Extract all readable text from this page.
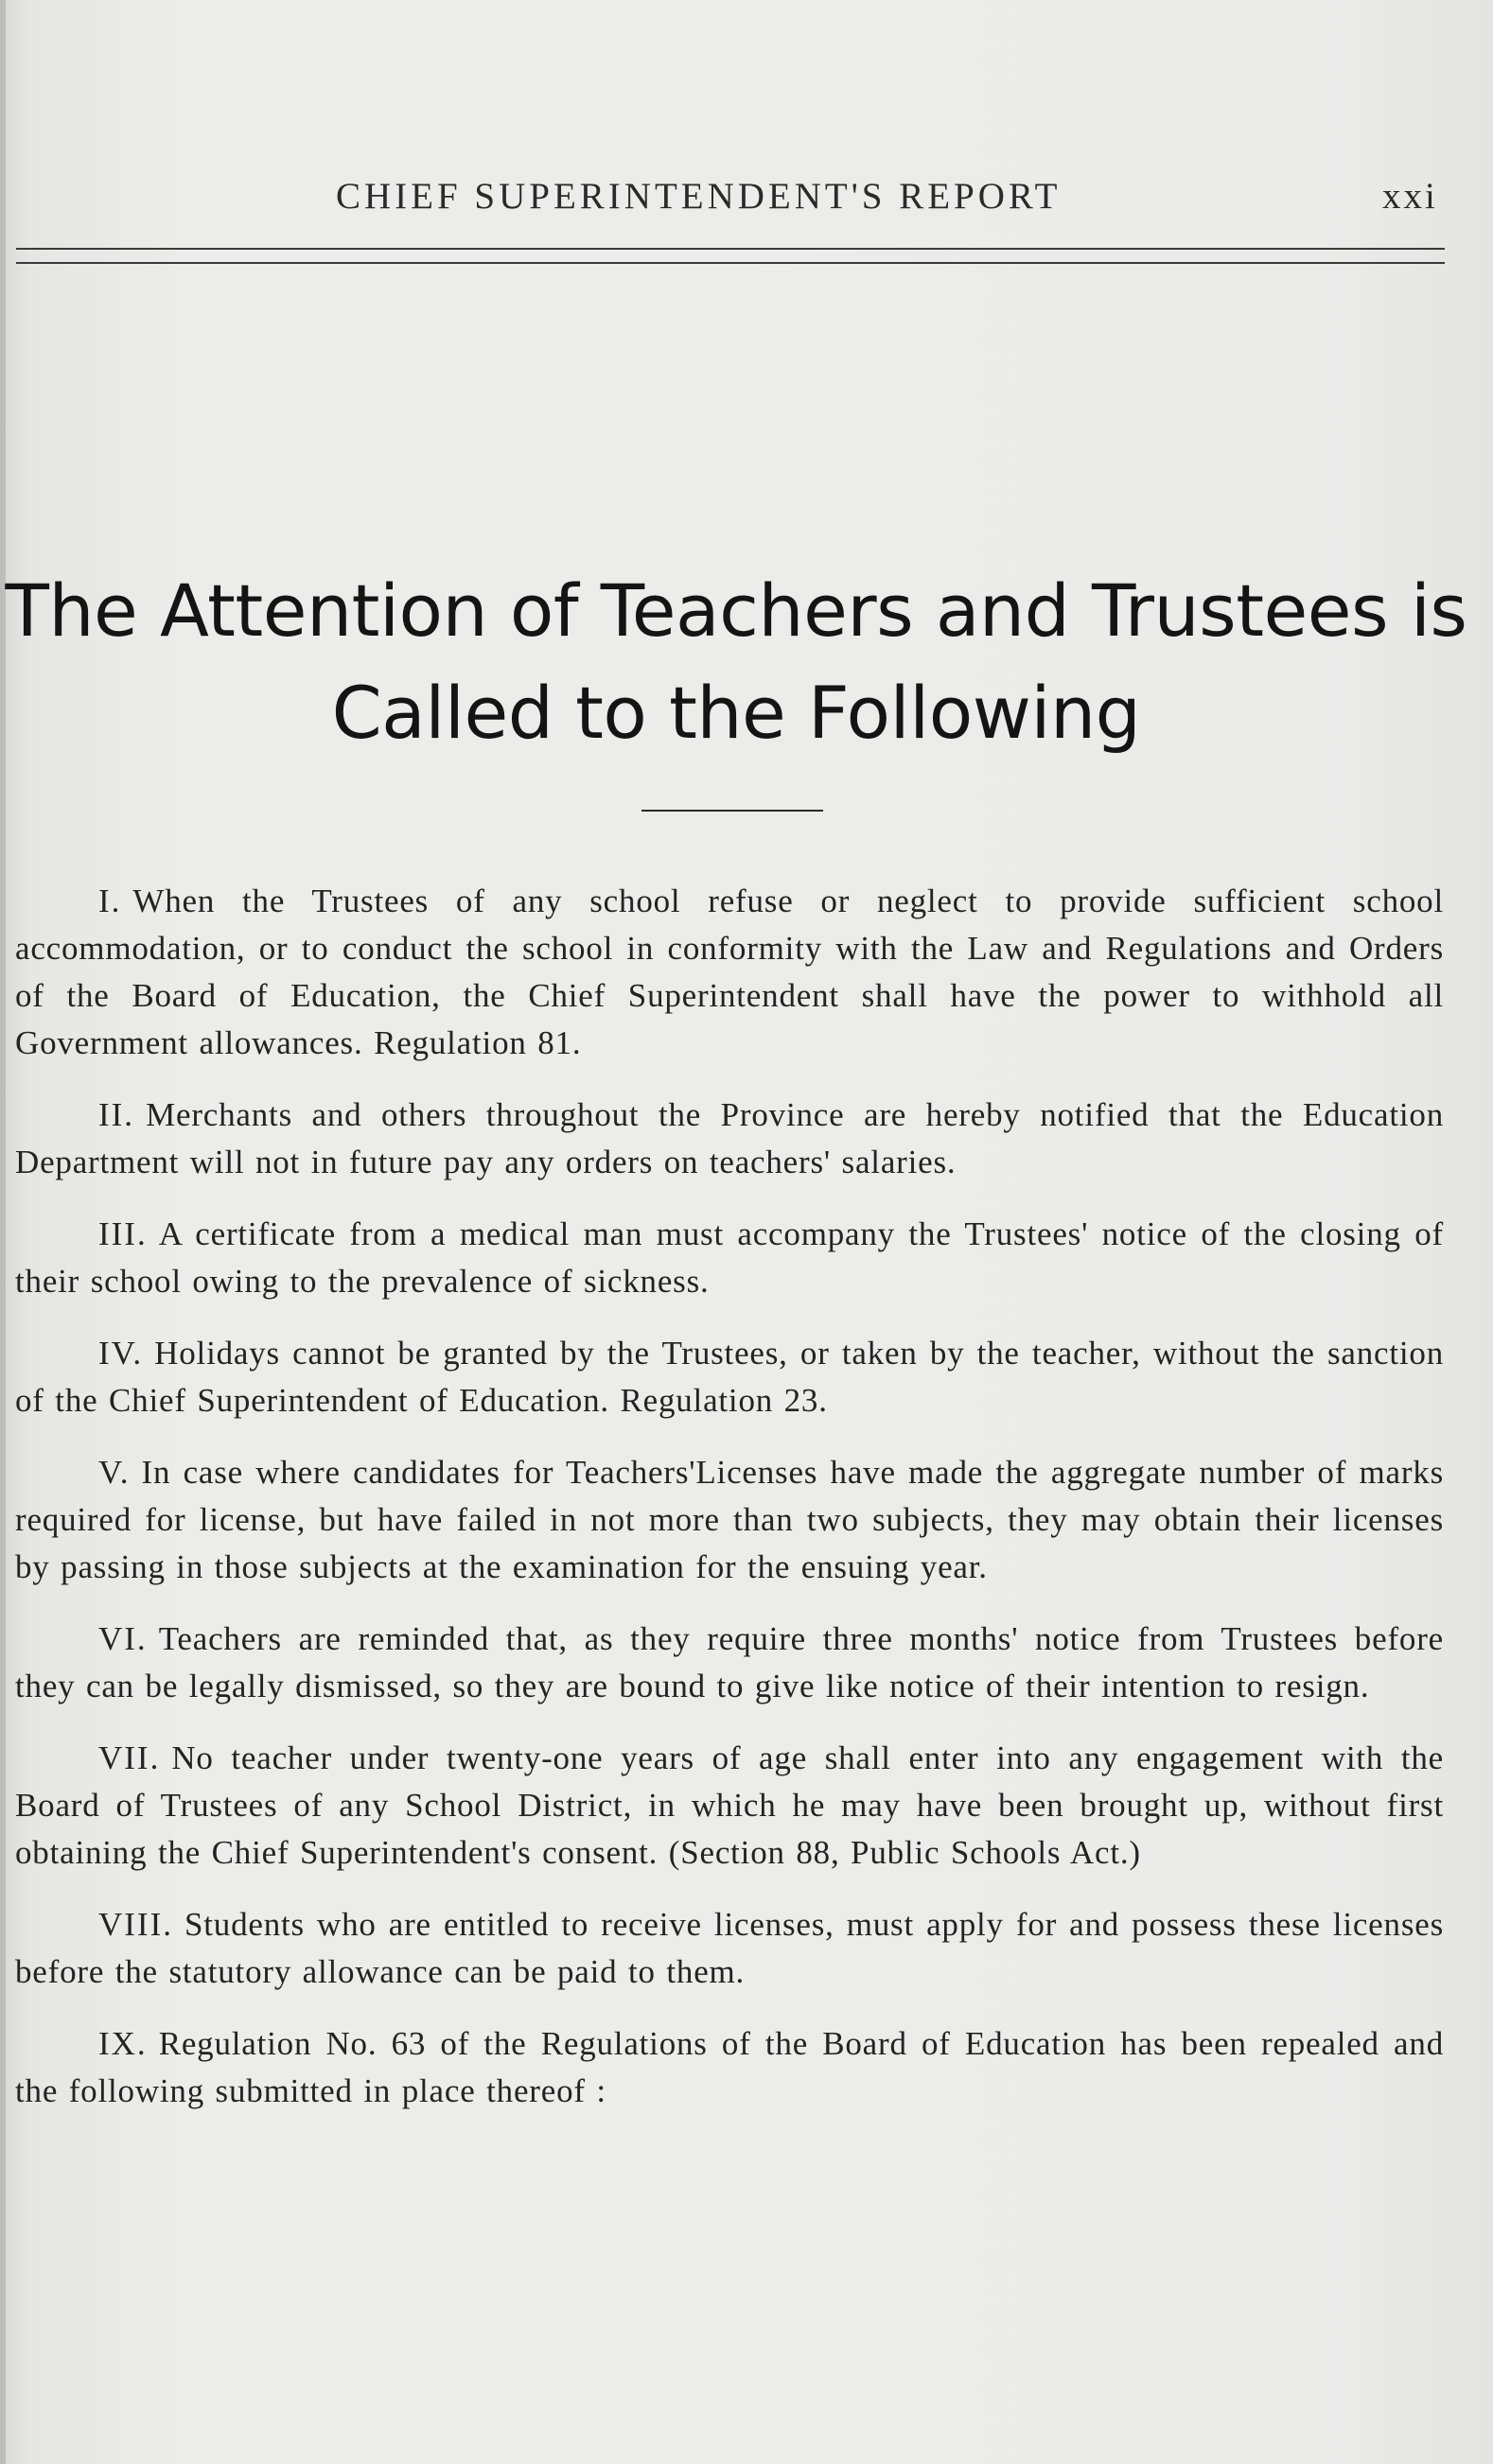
CHIEF SUPERINTENDENT'S REPORT	xxi
The Attention of Teachers and Trustees is
Called to the Following

I. When the Trustees of any school refuse or neglect to provide sufficient school accommodation, or to conduct the school in conformity with the Law and Regulations and Orders of the Board of Education, the Chief Superintendent shall have the power to withhold all Government allowances. Regulation 81.

II. Merchants and others throughout the Province are hereby notified that the Education Department will not in future pay any orders on teachers' salaries.

III. A certificate from a medical man must accompany the Trustees' notice of the closing of their school owing to the prevalence of sickness.

IV. Holidays cannot be granted by the Trustees, or taken by the teacher, without the sanction of the Chief Superintendent of Education. Regulation 23.

V. In case where candidates for Teachers'Licenses have made the aggregate number of marks required for license, but have failed in not more than two subjects, they may obtain their licenses by passing in those subjects at the examination for the ensuing year.

VI. Teachers are reminded that, as they require three months' notice from Trustees before they can be legally dismissed, so they are bound to give like notice of their intention to resign.

VII. No teacher under twenty-one years of age shall enter into any engagement with the Board of Trustees of any School District, in which he may have been brought up, without first obtaining the Chief Superintendent's consent. (Section 88, Public Schools Act.)

VIII. Students who are entitled to receive licenses, must apply for and possess these licenses before the statutory allowance can be paid to them.

IX. Regulation No. 63 of the Regulations of the Board of Education has been repealed and the following submitted in place thereof :
